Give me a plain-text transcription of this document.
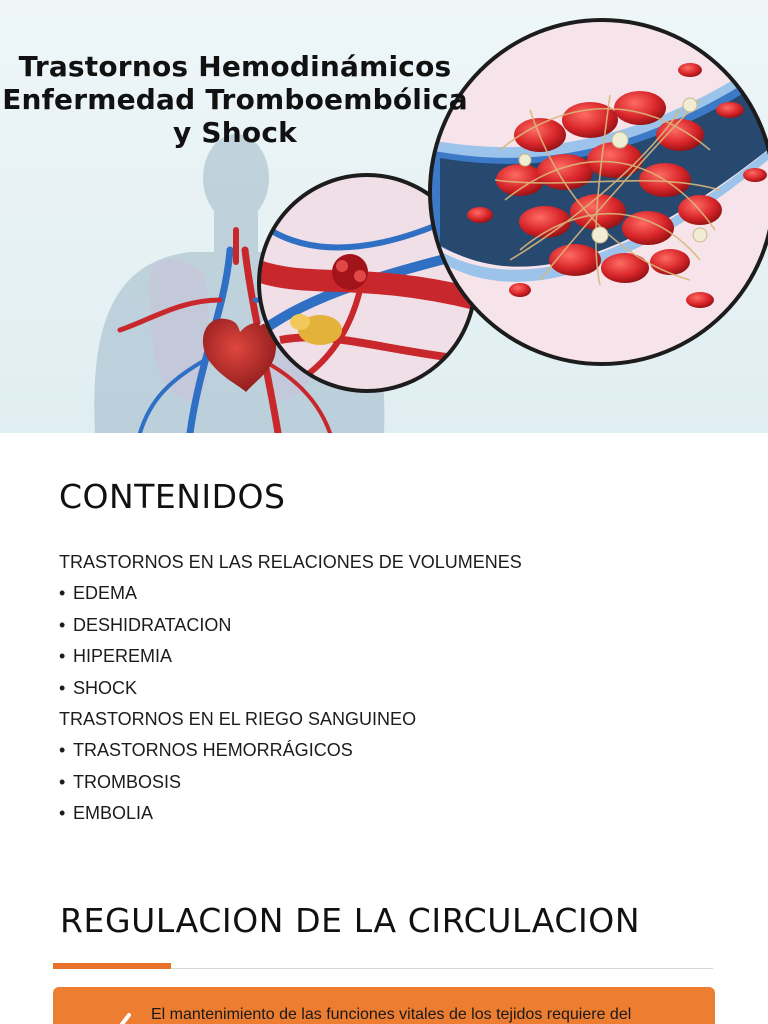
Trastornos Hemodinámicos
Enfermedad Tromboembólica
y Shock
CONTENIDOS
TRASTORNOS EN LAS RELACIONES DE VOLUMENES
• EDEMA
• DESHIDRATACION
• HIPEREMIA
• SHOCK
TRASTORNOS EN EL RIEGO SANGUINEO
• TRASTORNOS HEMORRÁGICOS
• TROMBOSIS
• EMBOLIA
REGULACION DE LA CIRCULACION
El mantenimiento de las funciones vitales de los tejidos requiere del
